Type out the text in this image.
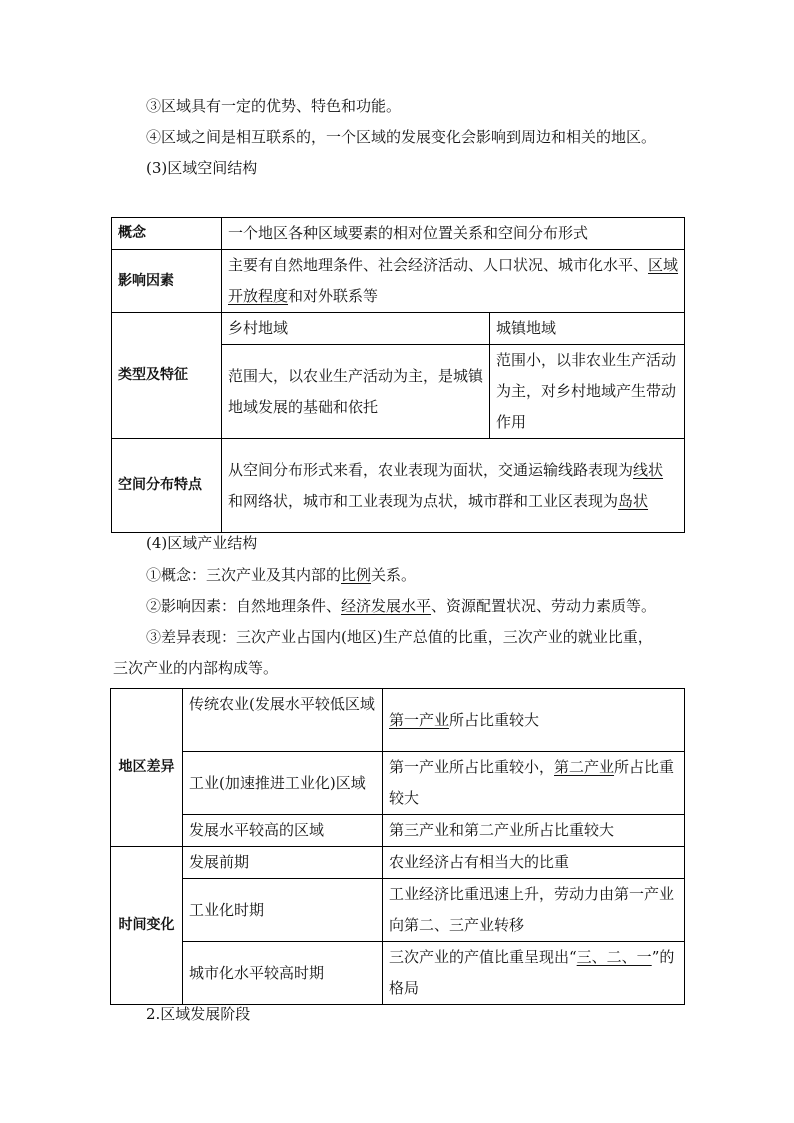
③区域具有一定的优势、特色和功能。
④区域之间是相互联系的，一个区域的发展变化会影响到周边和相关的地区。
(3)区域空间结构
概念	一个地区各种区域要素的相对位置关系和空间分布形式	
影响因素	主要有自然地理条件、社会经济活动、人口状况、城市化水平、区域开放程度和对外联系等	
类型及特征	乡村地域	城镇地域
	范围大，以农业生产活动为主，是城镇地域发展的基础和依托	范围小，以非农业生产活动为主，对乡村地域产生带动作用
空间分布特点	从空间分布形式来看，农业表现为面状，交通运输线路表现为线状和网络状，城市和工业表现为点状，城市群和工业区表现为岛状	
(4)区域产业结构
①概念：三次产业及其内部的比例关系。
②影响因素：自然地理条件、经济发展水平、资源配置状况、劳动力素质等。
③差异表现：三次产业占国内(地区)生产总值的比重，三次产业的就业比重，
三次产业的内部构成等。
地区差异	传统农业(发展水平较低区域	第一产业所占比重较大
	工业(加速推进工业化)区域	第一产业所占比重较小，第二产业所占比重较大
	发展水平较高的区域	第三产业和第二产业所占比重较大
时间变化	发展前期	农业经济占有相当大的比重
	工业化时期	工业经济比重迅速上升，劳动力由第一产业向第二、三产业转移
	城市化水平较高时期	三次产业的产值比重呈现出“三、二、一”的格局
2.区域发展阶段
